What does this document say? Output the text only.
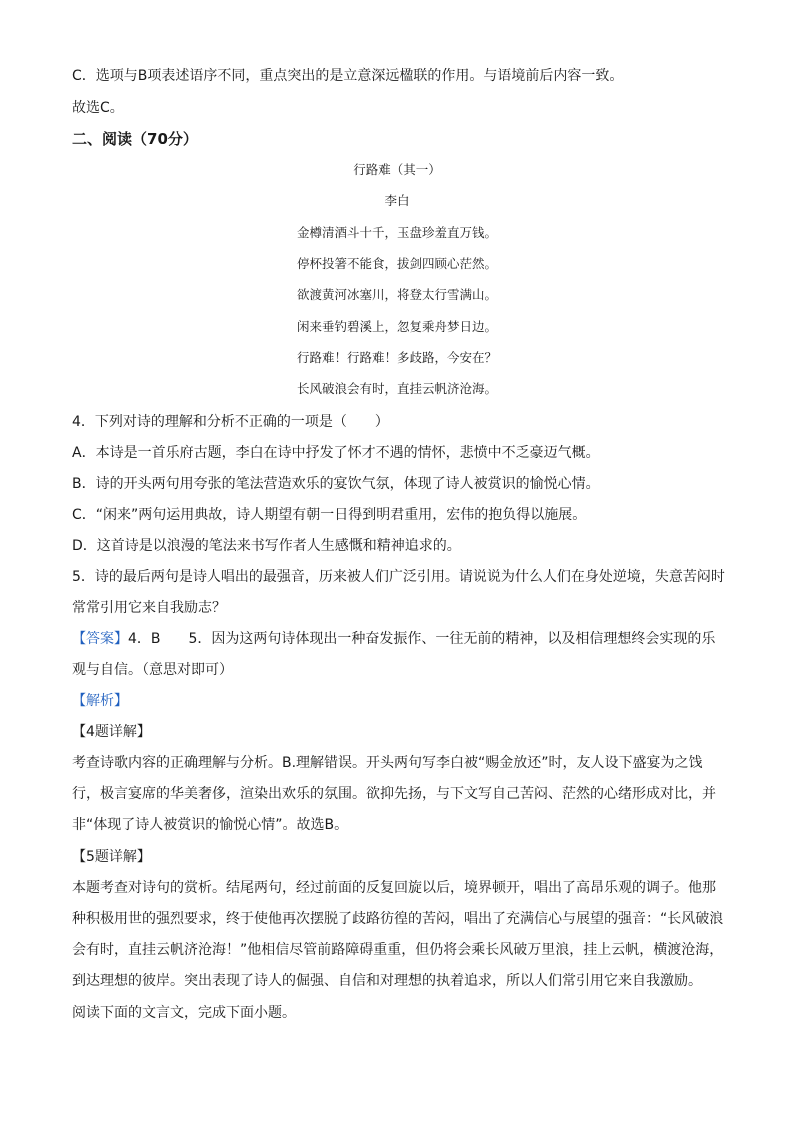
C．选项与B项表述语序不同，重点突出的是立意深远楹联的作用。与语境前后内容一致。
故选C。
二、阅读（70分）
行路难（其一）
李白
金樽清酒斗十千，玉盘珍羞直万钱。
停杯投箸不能食，拔剑四顾心茫然。
欲渡黄河冰塞川，将登太行雪满山。
闲来垂钓碧溪上，忽复乘舟梦日边。
行路难！行路难！多歧路，今安在？
长风破浪会有时，直挂云帆济沧海。
4．下列对诗的理解和分析不正确的一项是（　　）
A．本诗是一首乐府古题，李白在诗中抒发了怀才不遇的情怀，悲愤中不乏豪迈气概。
B．诗的开头两句用夸张的笔法营造欢乐的宴饮气氛，体现了诗人被赏识的愉悦心情。
C．“闲来”两句运用典故，诗人期望有朝一日得到明君重用，宏伟的抱负得以施展。
D．这首诗是以浪漫的笔法来书写作者人生感慨和精神追求的。
5．诗的最后两句是诗人唱出的最强音，历来被人们广泛引用。请说说为什么人们在身处逆境，失意苦闷时常常引用它来自我励志？
【答案】4．B　　5．因为这两句诗体现出一种奋发振作、一往无前的精神，以及相信理想终会实现的乐观与自信。（意思对即可）
【解析】
【4题详解】
考查诗歌内容的正确理解与分析。B.理解错误。开头两句写李白被“赐金放还”时，友人设下盛宴为之饯行，极言宴席的华美奢侈，渲染出欢乐的氛围。欲抑先扬，与下文写自己苦闷、茫然的心绪形成对比，并非“体现了诗人被赏识的愉悦心情”。故选B。
【5题详解】
本题考查对诗句的赏析。结尾两句，经过前面的反复回旋以后，境界顿开，唱出了高昂乐观的调子。他那种积极用世的强烈要求，终于使他再次摆脱了歧路彷徨的苦闷，唱出了充满信心与展望的强音：“长风破浪会有时，直挂云帆济沧海！”他相信尽管前路障碍重重，但仍将会乘长风破万里浪，挂上云帆，横渡沧海，到达理想的彼岸。突出表现了诗人的倔强、自信和对理想的执着追求，所以人们常引用它来自我激励。
阅读下面的文言文，完成下面小题。
